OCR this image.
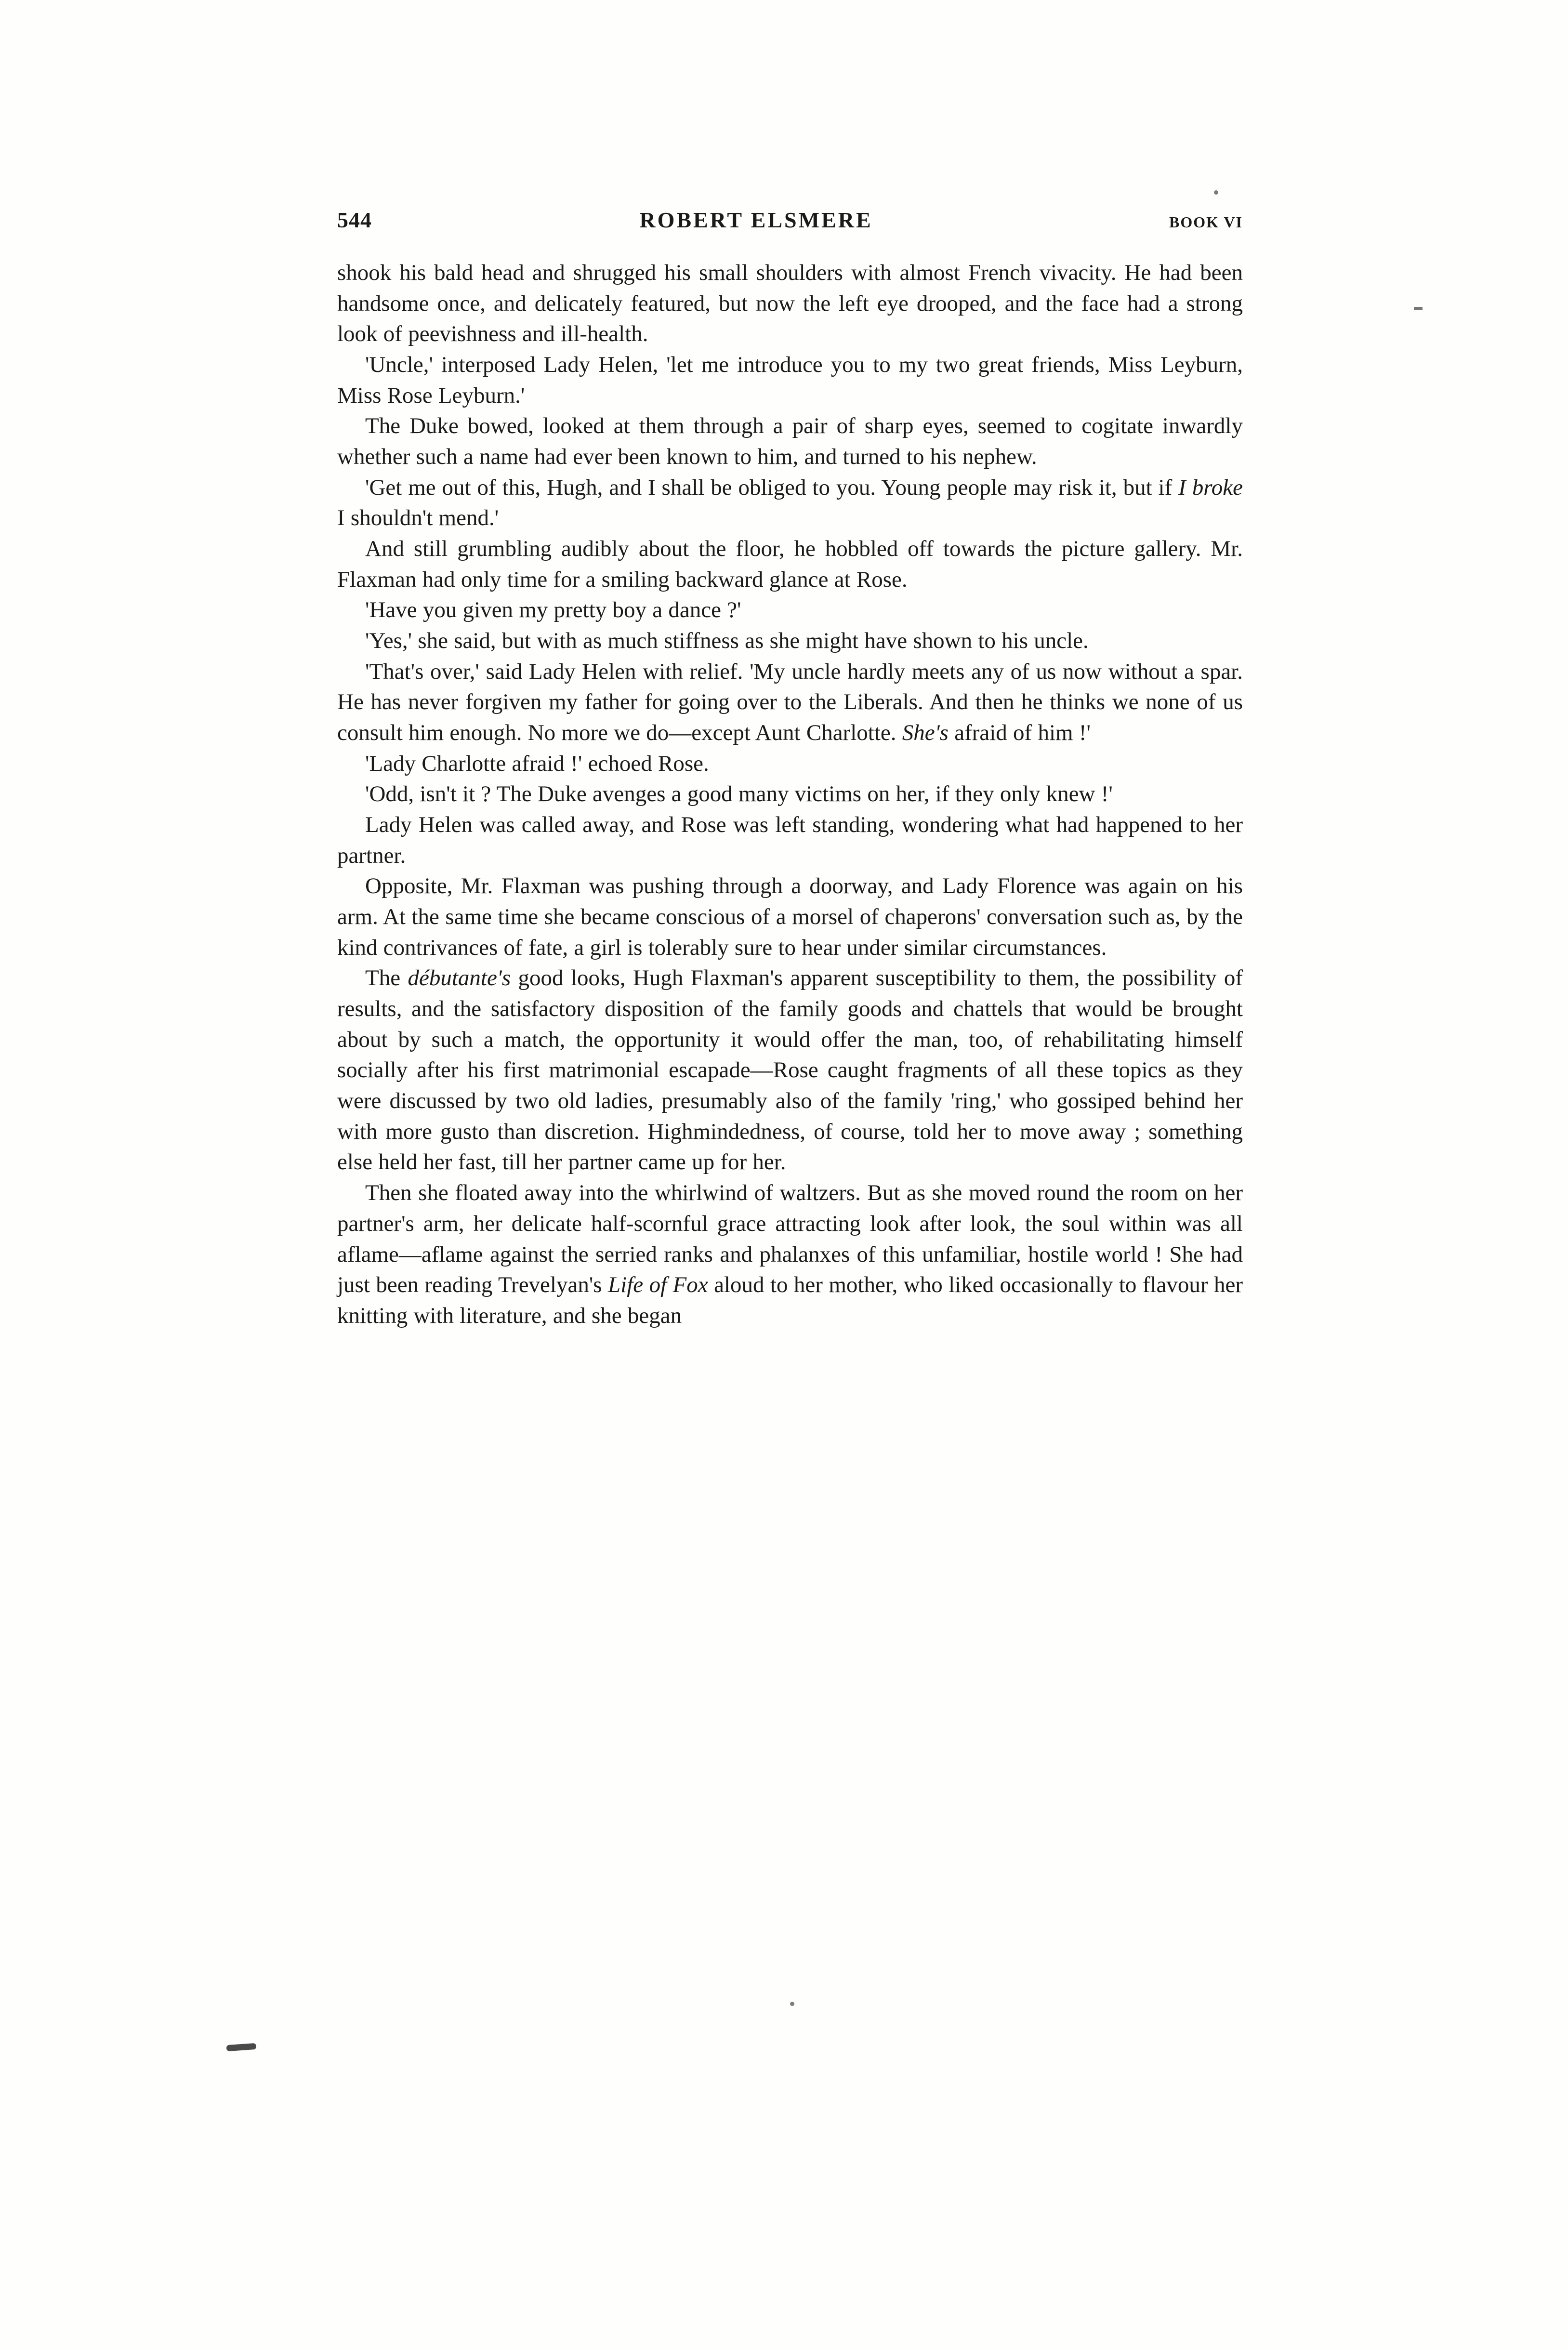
544	ROBERT ELSMERE	BOOK VI

shook his bald head and shrugged his small shoulders with almost French vivacity. He had been handsome once, and delicately featured, but now the left eye drooped, and the face had a strong look of peevishness and ill-health.

'Uncle,' interposed Lady Helen, 'let me introduce you to my two great friends, Miss Leyburn, Miss Rose Leyburn.'

The Duke bowed, looked at them through a pair of sharp eyes, seemed to cogitate inwardly whether such a name had ever been known to him, and turned to his nephew.

'Get me out of this, Hugh, and I shall be obliged to you. Young people may risk it, but if I broke I shouldn't mend.'

And still grumbling audibly about the floor, he hobbled off towards the picture gallery. Mr. Flaxman had only time for a smiling backward glance at Rose.

'Have you given my pretty boy a dance ?'

'Yes,' she said, but with as much stiffness as she might have shown to his uncle.

'That's over,' said Lady Helen with relief. 'My uncle hardly meets any of us now without a spar. He has never forgiven my father for going over to the Liberals. And then he thinks we none of us consult him enough. No more we do—except Aunt Charlotte. She's afraid of him !'

'Lady Charlotte afraid !' echoed Rose.

'Odd, isn't it ? The Duke avenges a good many victims on her, if they only knew !'

Lady Helen was called away, and Rose was left standing, wondering what had happened to her partner.

Opposite, Mr. Flaxman was pushing through a doorway, and Lady Florence was again on his arm. At the same time she became conscious of a morsel of chaperons' conversation such as, by the kind contrivances of fate, a girl is tolerably sure to hear under similar circumstances.

The débutante's good looks, Hugh Flaxman's apparent susceptibility to them, the possibility of results, and the satisfactory disposition of the family goods and chattels that would be brought about by such a match, the opportunity it would offer the man, too, of rehabilitating himself socially after his first matrimonial escapade—Rose caught fragments of all these topics as they were discussed by two old ladies, presumably also of the family 'ring,' who gossiped behind her with more gusto than discretion. Highmindedness, of course, told her to move away ; something else held her fast, till her partner came up for her.

Then she floated away into the whirlwind of waltzers. But as she moved round the room on her partner's arm, her delicate half-scornful grace attracting look after look, the soul within was all aflame—aflame against the serried ranks and phalanxes of this unfamiliar, hostile world ! She had just been reading Trevelyan's Life of Fox aloud to her mother, who liked occasionally to flavour her knitting with literature, and she began
